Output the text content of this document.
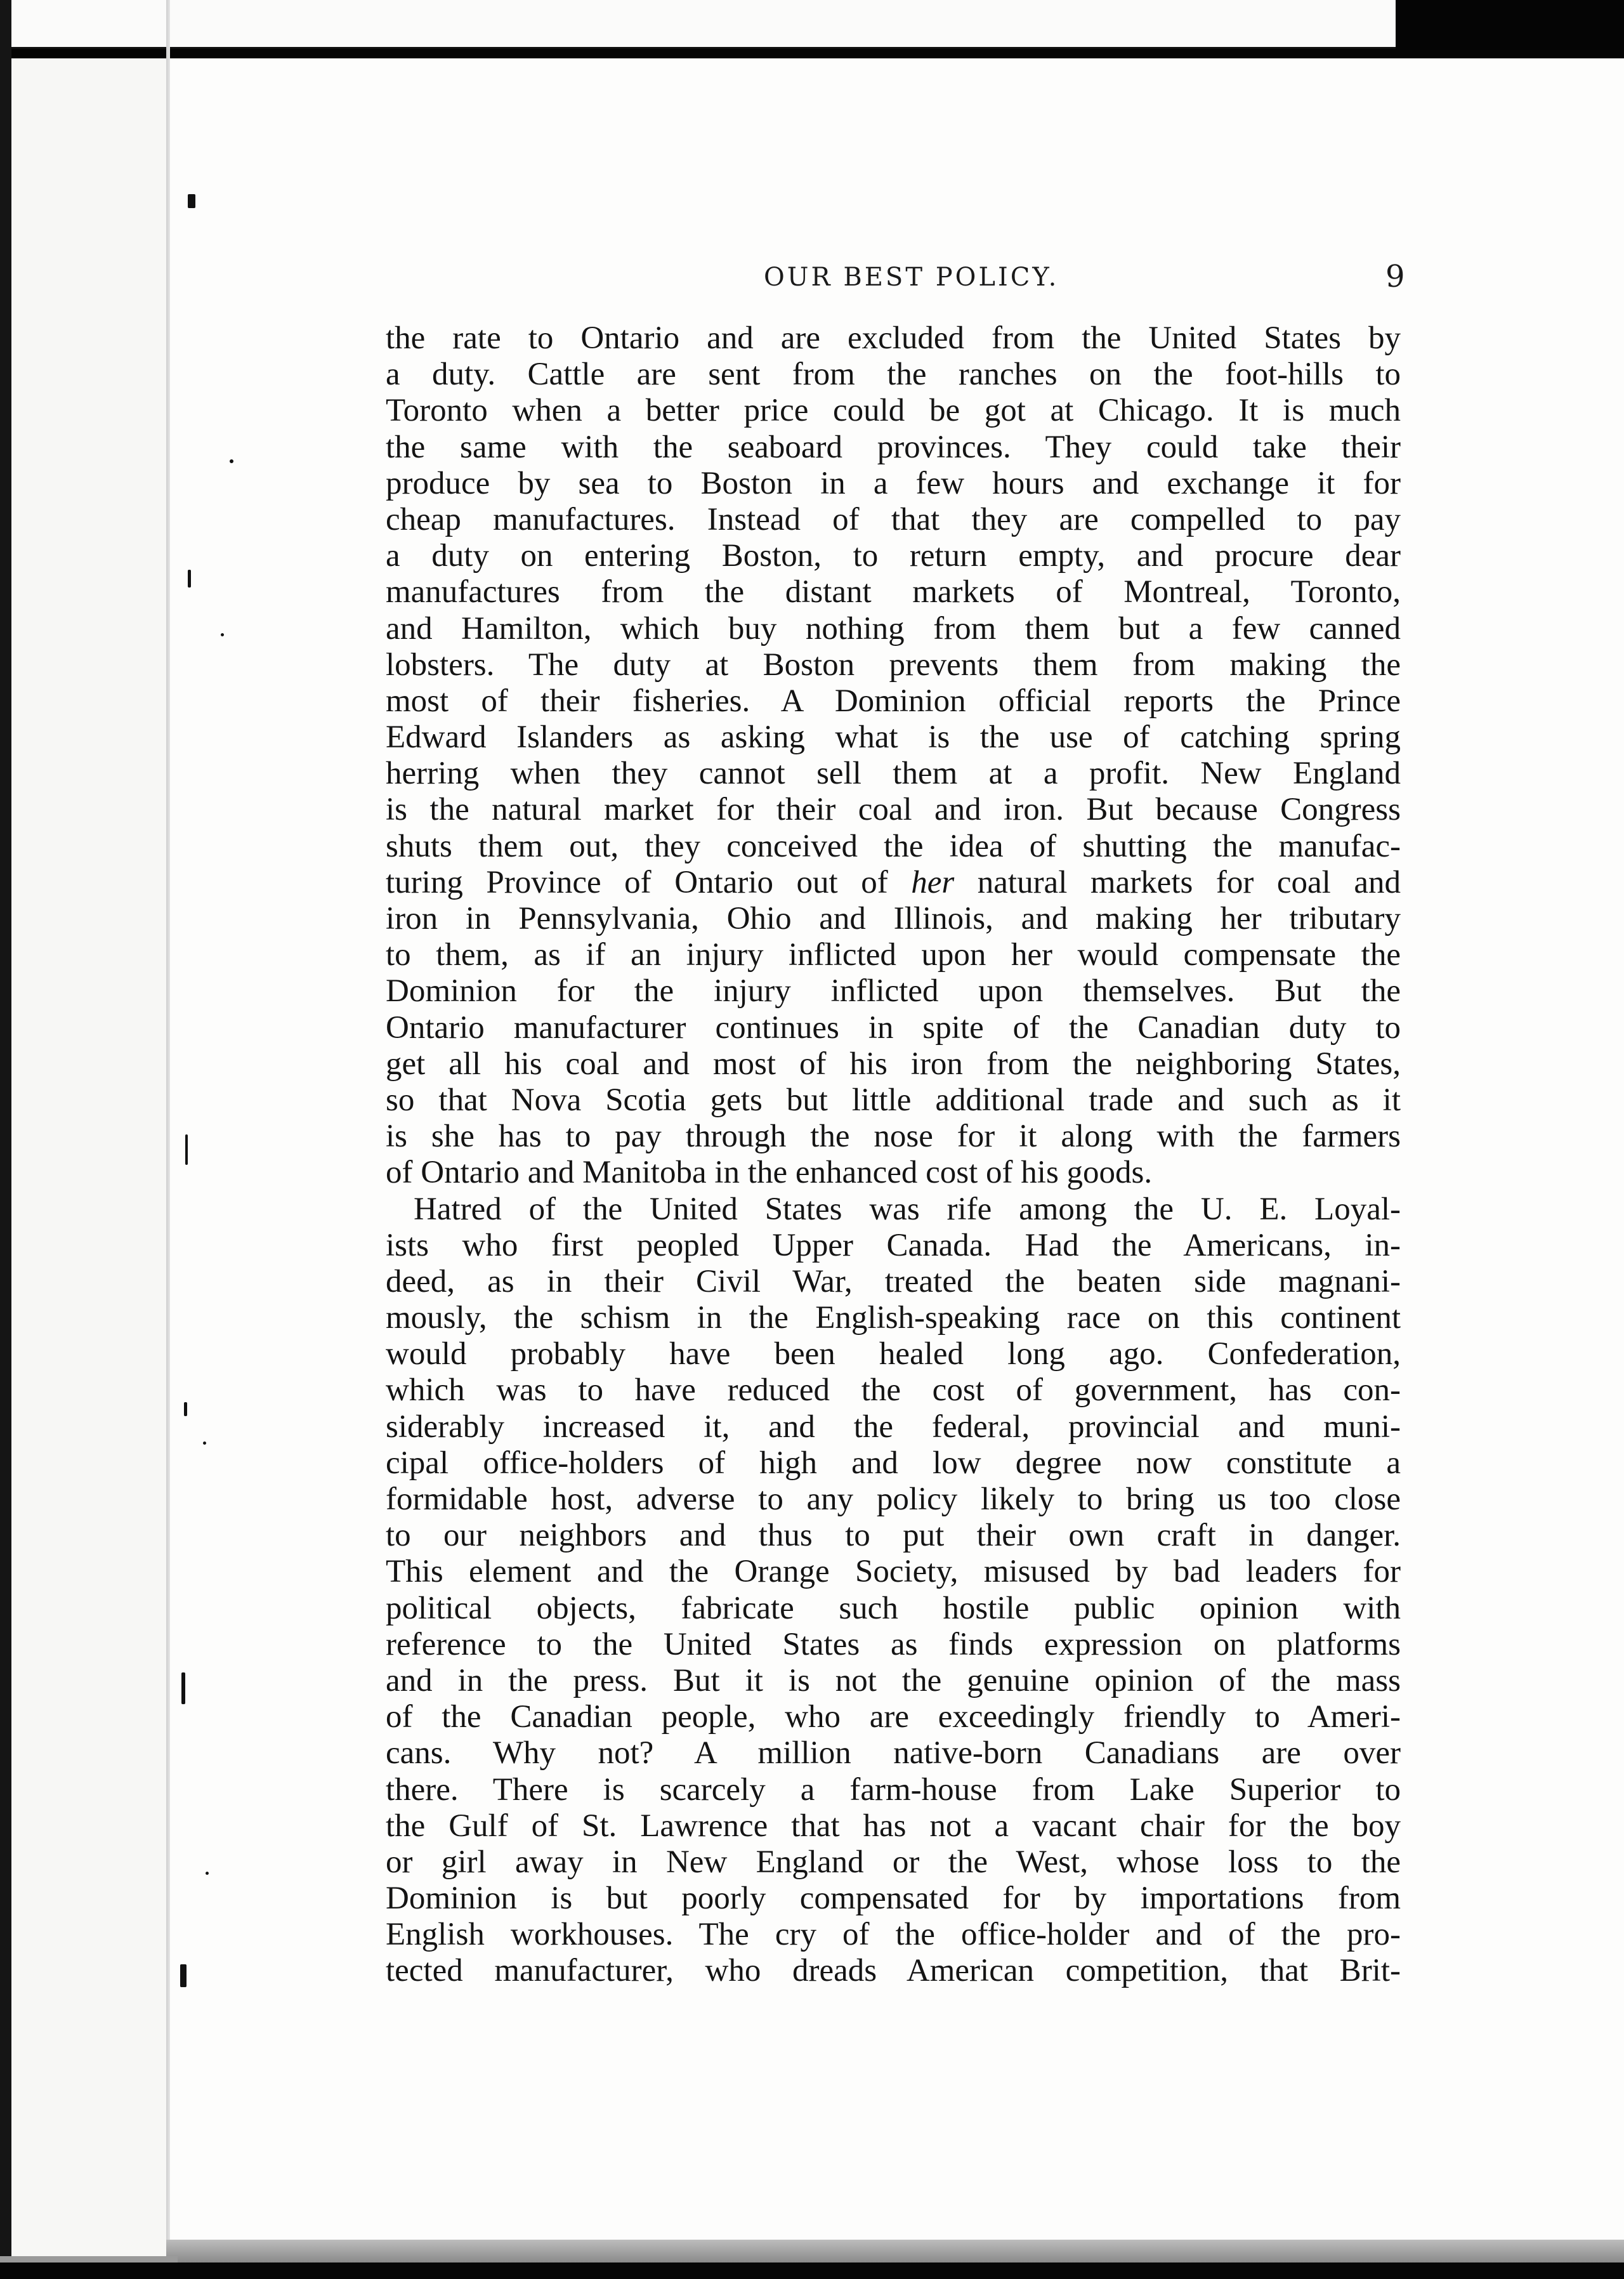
OUR BEST POLICY.	9
the rate to Ontario and are excluded from the United States by
a duty. Cattle are sent from the ranches on the foot-hills to
Toronto when a better price could be got at Chicago. It is much
the same with the seaboard provinces. They could take their
produce by sea to Boston in a few hours and exchange it for
cheap manufactures. Instead of that they are compelled to pay
a duty on entering Boston, to return empty, and procure dear
manufactures from the distant markets of Montreal, Toronto,
and Hamilton, which buy nothing from them but a few canned
lobsters. The duty at Boston prevents them from making the
most of their fisheries. A Dominion official reports the Prince
Edward Islanders as asking what is the use of catching spring
herring when they cannot sell them at a profit. New England
is the natural market for their coal and iron. But because Congress
shuts them out, they conceived the idea of shutting the manufac-
turing Province of Ontario out of her natural markets for coal and
iron in Pennsylvania, Ohio and Illinois, and making her tributary
to them, as if an injury inflicted upon her would compensate the
Dominion for the injury inflicted upon themselves. But the
Ontario manufacturer continues in spite of the Canadian duty to
get all his coal and most of his iron from the neighboring States,
so that Nova Scotia gets but little additional trade and such as it
is she has to pay through the nose for it along with the farmers
of Ontario and Manitoba in the enhanced cost of his goods.
Hatred of the United States was rife among the U. E. Loyal-
ists who first peopled Upper Canada. Had the Americans, in-
deed, as in their Civil War, treated the beaten side magnani-
mously, the schism in the English-speaking race on this continent
would probably have been healed long ago. Confederation,
which was to have reduced the cost of government, has con-
siderably increased it, and the federal, provincial and muni-
cipal office-holders of high and low degree now constitute a
formidable host, adverse to any policy likely to bring us too close
to our neighbors and thus to put their own craft in danger.
This element and the Orange Society, misused by bad leaders for
political objects, fabricate such hostile public opinion with
reference to the United States as finds expression on platforms
and in the press. But it is not the genuine opinion of the mass
of the Canadian people, who are exceedingly friendly to Ameri-
cans. Why not? A million native-born Canadians are over
there. There is scarcely a farm-house from Lake Superior to
the Gulf of St. Lawrence that has not a vacant chair for the boy
or girl away in New England or the West, whose loss to the
Dominion is but poorly compensated for by importations from
English workhouses. The cry of the office-holder and of the pro-
tected manufacturer, who dreads American competition, that Brit-
